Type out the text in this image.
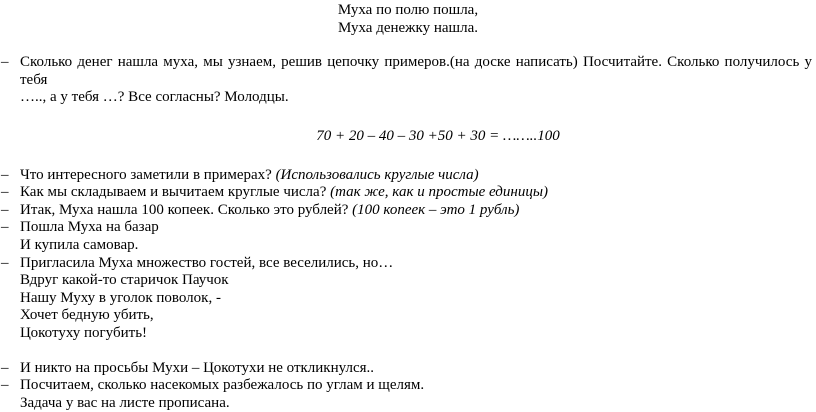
Муха по полю пошла,
Муха денежку нашла.
– Сколько денег нашла муха, мы узнаем, решив цепочку примеров.(на доске написать) Посчитайте. Сколько получилось у тебя
….., а у тебя …? Все согласны? Молодцы.
70 + 20 – 40 – 30 +50 + 30 = ……..100
– Что интересного заметили в примерах? (Использовались круглые числа)
– Как мы складываем и вычитаем круглые числа? (так же, как и простые единицы)
– Итак, Муха нашла 100 копеек. Сколько это рублей? (100 копеек – это 1 рубль)
– Пошла Муха на базар
И купила самовар.
– Пригласила Муха множество гостей, все веселились, но…
Вдруг какой-то старичок Паучок
Нашу Муху в уголок поволок, -
Хочет бедную убить,
Цокотуху погубить!
– И никто на просьбы Мухи – Цокотухи не откликнулся..
– Посчитаем, сколько насекомых разбежалось по углам и щелям.
Задача у вас на листе прописана.
